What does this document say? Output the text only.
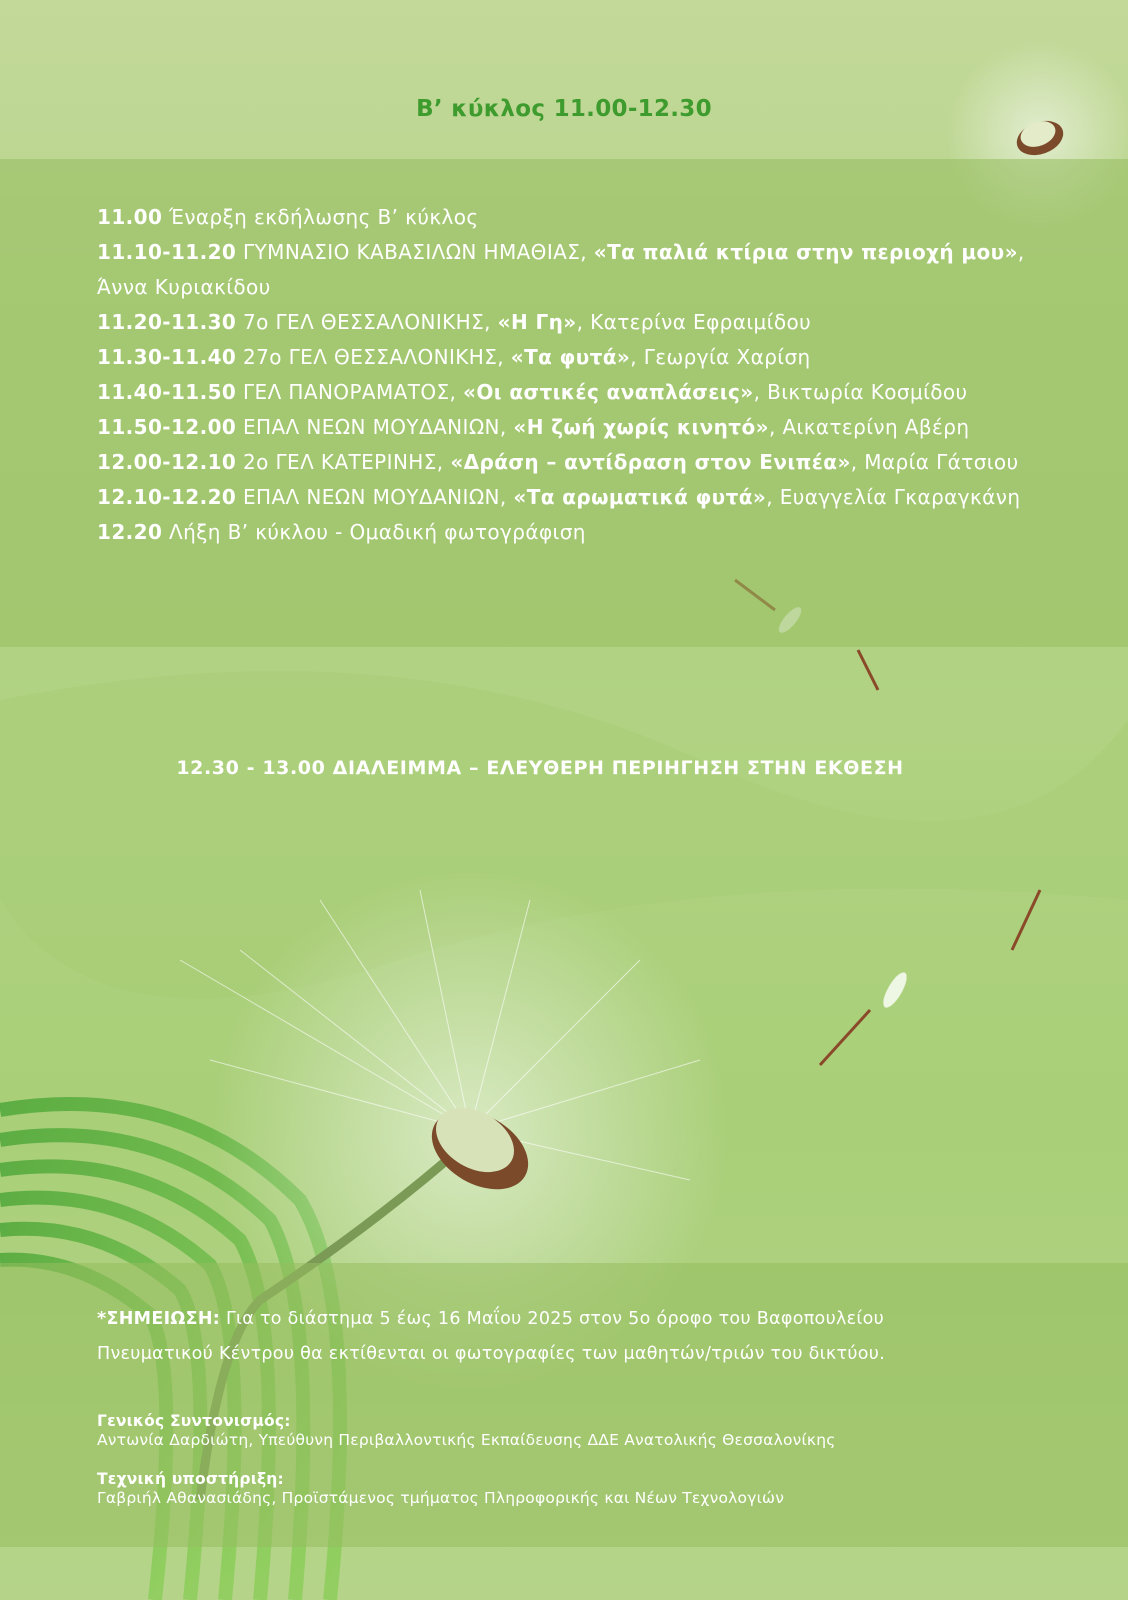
Β’ κύκλος 11.00-12.30
11.00 Έναρξη εκδήλωσης Β’ κύκλος
11.10-11.20 ΓΥΜΝΑΣΙΟ ΚΑΒΑΣΙΛΩΝ ΗΜΑΘΙΑΣ, «Τα παλιά κτίρια στην περιοχή μου», Άννα Κυριακίδου
11.20-11.30 7ο ΓΕΛ ΘΕΣΣΑΛΟΝΙΚΗΣ, «Η Γη», Κατερίνα Εφραιμίδου
11.30-11.40 27ο ΓΕΛ ΘΕΣΣΑΛΟΝΙΚΗΣ, «Τα φυτά», Γεωργία Χαρίση
11.40-11.50 ΓΕΛ ΠΑΝΟΡΑΜΑΤΟΣ, «Οι αστικές αναπλάσεις», Βικτωρία Κοσμίδου
11.50-12.00 ΕΠΑΛ ΝΕΩΝ ΜΟΥΔΑΝΙΩΝ, «Η ζωή χωρίς κινητό», Αικατερίνη Αβέρη
12.00-12.10 2ο ΓΕΛ ΚΑΤΕΡΙΝΗΣ, «Δράση – αντίδραση στον Ενιπέα», Μαρία Γάτσιου
12.10-12.20 ΕΠΑΛ ΝΕΩΝ ΜΟΥΔΑΝΙΩΝ, «Τα αρωματικά φυτά», Ευαγγελία Γκαραγκάνη
12.20 Λήξη Β’ κύκλου - Ομαδική φωτογράφιση
12.30 - 13.00 ΔΙΑΛΕΙΜΜΑ – ΕΛΕΥΘΕΡΗ ΠΕΡΙΗΓΗΣΗ ΣΤΗΝ ΕΚΘΕΣΗ
*ΣΗΜΕΙΩΣΗ: Για το διάστημα 5 έως 16 Μαΐου 2025 στον 5ο όροφο του Βαφοπουλείου Πνευματικού Κέντρου θα εκτίθενται οι φωτογραφίες των μαθητών/τριών του δικτύου.
Γενικός Συντονισμός:
Αντωνία Δαρδιώτη, Υπεύθυνη Περιβαλλοντικής Εκπαίδευσης ΔΔΕ Ανατολικής Θεσσαλονίκης
Τεχνική υποστήριξη:
Γαβριήλ Αθανασιάδης, Προϊστάμενος τμήματος Πληροφορικής και Νέων Τεχνολογιών
